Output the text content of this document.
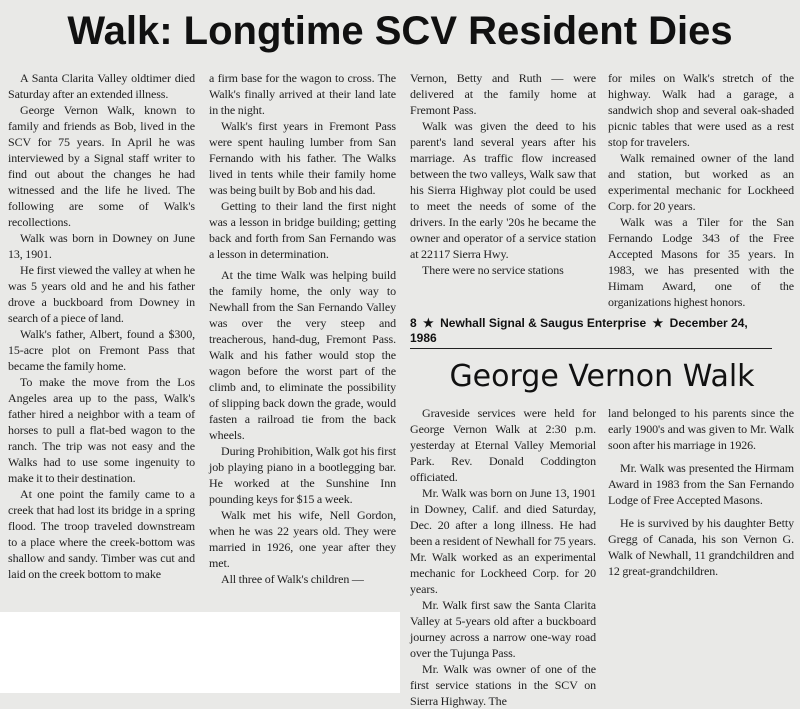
Walk: Longtime SCV Resident Dies

A Santa Clarita Valley oldtimer died Saturday after an extended illness.

George Vernon Walk, known to family and friends as Bob, lived in the SCV for 75 years. In April he was interviewed by a Signal staff writer to find out about the changes he had witnessed and the life he lived. The following are some of Walk's recollections.

Walk was born in Downey on June 13, 1901.

He first viewed the valley at when he was 5 years old and he and his father drove a buckboard from Downey in search of a piece of land.

Walk's father, Albert, found a $300, 15-acre plot on Fremont Pass that became the family home.

To make the move from the Los Angeles area up to the pass, Walk's father hired a neighbor with a team of horses to pull a flat-bed wagon to the ranch. The trip was not easy and the Walks had to use some ingenuity to make it to their destination.

At one point the family came to a creek that had lost its bridge in a spring flood. The troop traveled downstream to a place where the creek-bottom was shallow and sandy. Timber was cut and laid on the creek bottom to make

a firm base for the wagon to cross. The Walk's finally arrived at their land late in the night.

Walk's first years in Fremont Pass were spent hauling lumber from San Fernando with his father. The Walks lived in tents while their family home was being built by Bob and his dad.

Getting to their land the first night was a lesson in bridge building; getting back and forth from San Fernando was a lesson in determination.

At the time Walk was helping build the family home, the only way to Newhall from the San Fernando Valley was over the very steep and treacherous, hand-dug, Fremont Pass. Walk and his father would stop the wagon before the worst part of the climb and, to eliminate the possibility of slipping back down the grade, would fasten a railroad tie from the back wheels.

During Prohibition, Walk got his first job playing piano in a bootlegging bar. He worked at the Sunshine Inn pounding keys for $15 a week.

Walk met his wife, Nell Gordon, when he was 22 years old. They were married in 1926, one year after they met.

All three of Walk's children —

Vernon, Betty and Ruth — were delivered at the family home at Fremont Pass.

Walk was given the deed to his parent's land several years after his marriage. As traffic flow increased between the two valleys, Walk saw that his Sierra Highway plot could be used to meet the needs of some of the drivers. In the early '20s he became the owner and operator of a service station at 22117 Sierra Hwy.

There were no service stations

for miles on Walk's stretch of the highway. Walk had a garage, a sandwich shop and several oak-shaded picnic tables that were used as a rest stop for travelers.

Walk remained owner of the land and station, but worked as an experimental mechanic for Lockheed Corp. for 20 years.

Walk was a Tiler for the San Fernando Lodge 343 of the Free Accepted Masons for 35 years. In 1983, we has presented with the Himam Award, one of the organizations highest honors.

8 ★ Newhall Signal & Saugus Enterprise ★ December 24, 1986
George Vernon Walk

Graveside services were held for George Vernon Walk at 2:30 p.m. yesterday at Eternal Valley Memorial Park. Rev. Donald Coddington officiated.

Mr. Walk was born on June 13, 1901 in Downey, Calif. and died Saturday, Dec. 20 after a long illness. He had been a resident of Newhall for 75 years. Mr. Walk worked as an experimental mechanic for Lockheed Corp. for 20 years.

Mr. Walk first saw the Santa Clarita Valley at 5-years old after a buckboard journey across a narrow one-way road over the Tujunga Pass.

Mr. Walk was owner of one of the first service stations in the SCV on Sierra Highway. The

land belonged to his parents since the early 1900's and was given to Mr. Walk soon after his marriage in 1926.

Mr. Walk was presented the Hirmam Award in 1983 from the San Fernando Lodge of Free Accepted Masons.

He is survived by his daughter Betty Gregg of Canada, his son Vernon G. Walk of Newhall, 11 grandchildren and 12 great-grandchildren.
